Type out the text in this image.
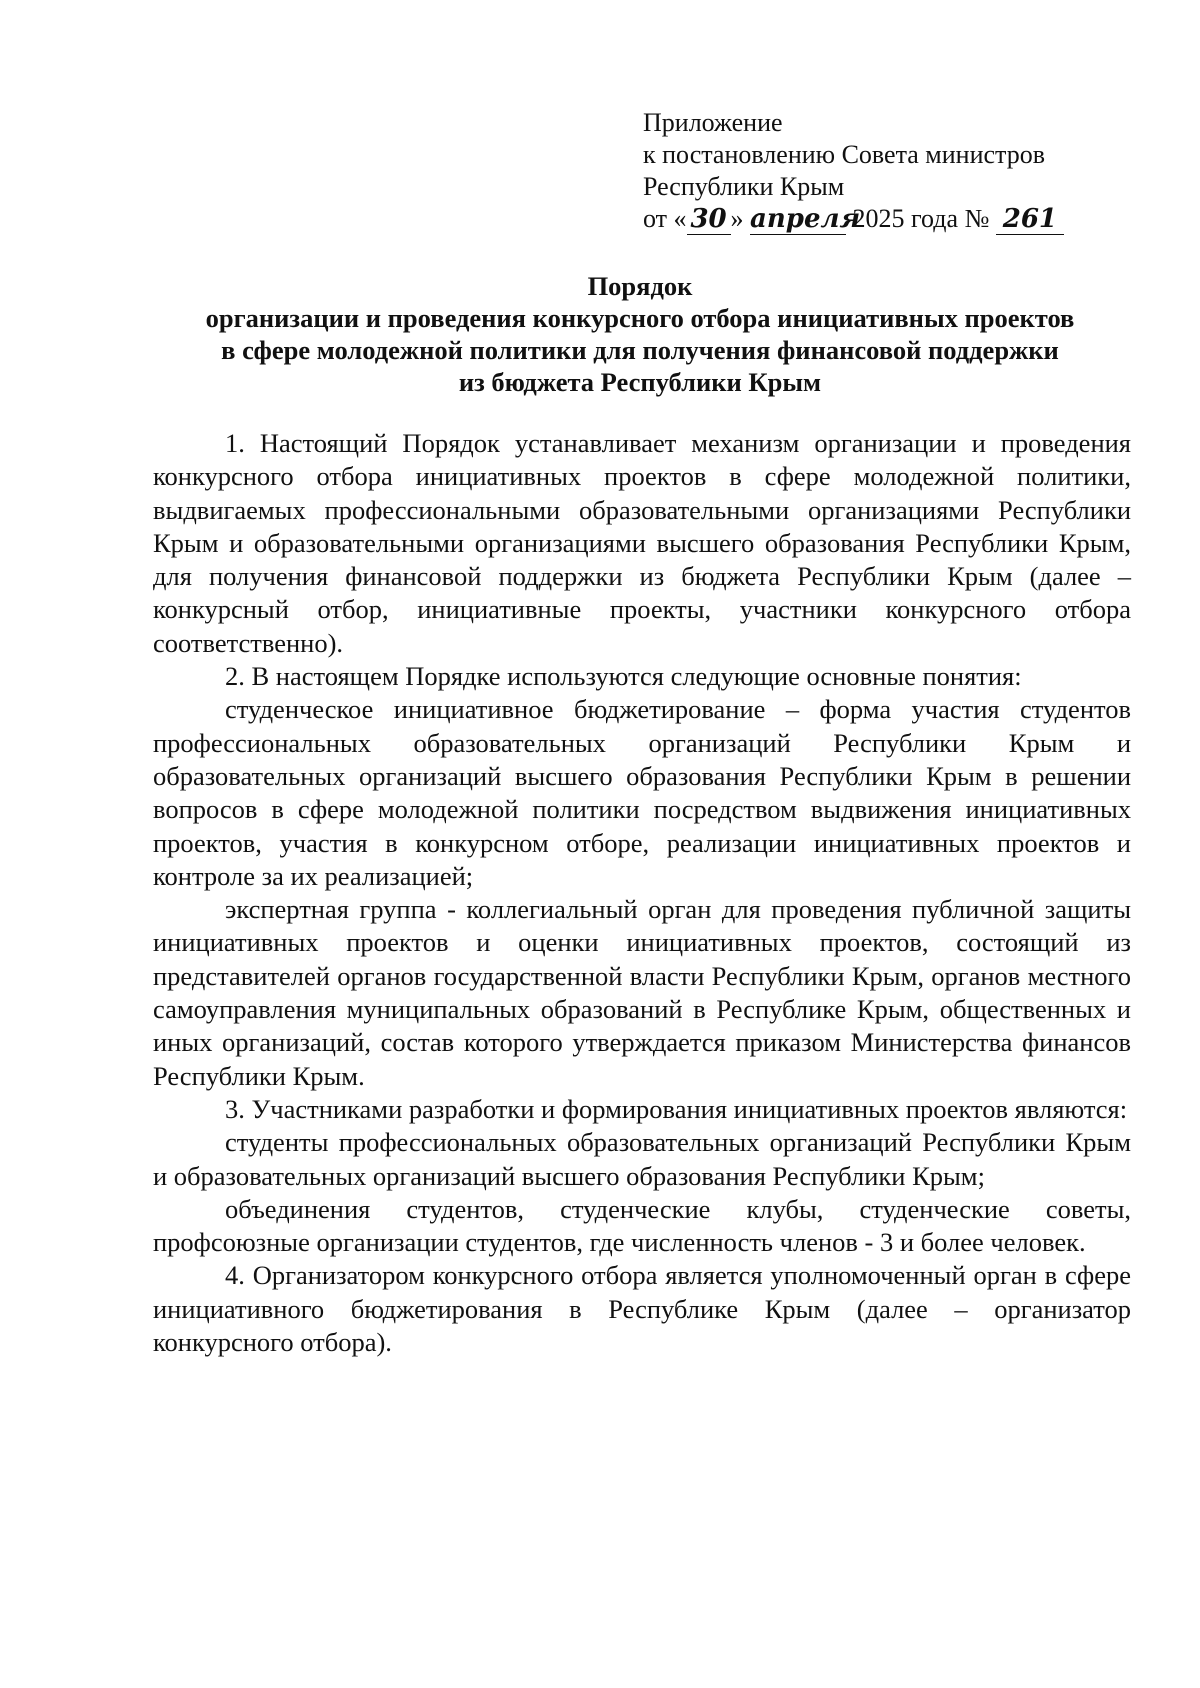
Приложение
к постановлению Совета министров
Республики Крым
от « 30 » апреля 2025 года № 261
Порядок
организации и проведения конкурсного отбора инициативных проектов
в сфере молодежной политики для получения финансовой поддержки
из бюджета Республики Крым

1. Настоящий Порядок устанавливает механизм организации и проведения конкурсного отбора инициативных проектов в сфере молодежной политики, выдвигаемых профессиональными образовательными организациями Республики Крым и образовательными организациями высшего образования Республики Крым, для получения финансовой поддержки из бюджета Республики Крым (далее – конкурсный отбор, инициативные проекты, участники конкурсного отбора соответственно).

2. В настоящем Порядке используются следующие основные понятия:

студенческое инициативное бюджетирование – форма участия студентов профессиональных образовательных организаций Республики Крым и образовательных организаций высшего образования Республики Крым в решении вопросов в сфере молодежной политики посредством выдвижения инициативных проектов, участия в конкурсном отборе, реализации инициативных проектов и контроле за их реализацией;

экспертная группа - коллегиальный орган для проведения публичной защиты инициативных проектов и оценки инициативных проектов, состоящий из представителей органов государственной власти Республики Крым, органов местного самоуправления муниципальных образований в Республике Крым, общественных и иных организаций, состав которого утверждается приказом Министерства финансов Республики Крым.

3. Участниками разработки и формирования инициативных проектов являются:

студенты профессиональных образовательных организаций Республики Крым и образовательных организаций высшего образования Республики Крым;

объединения студентов, студенческие клубы, студенческие советы, профсоюзные организации студентов, где численность членов - 3 и более человек.

4. Организатором конкурсного отбора является уполномоченный орган в сфере инициативного бюджетирования в Республике Крым (далее – организатор конкурсного отбора).
